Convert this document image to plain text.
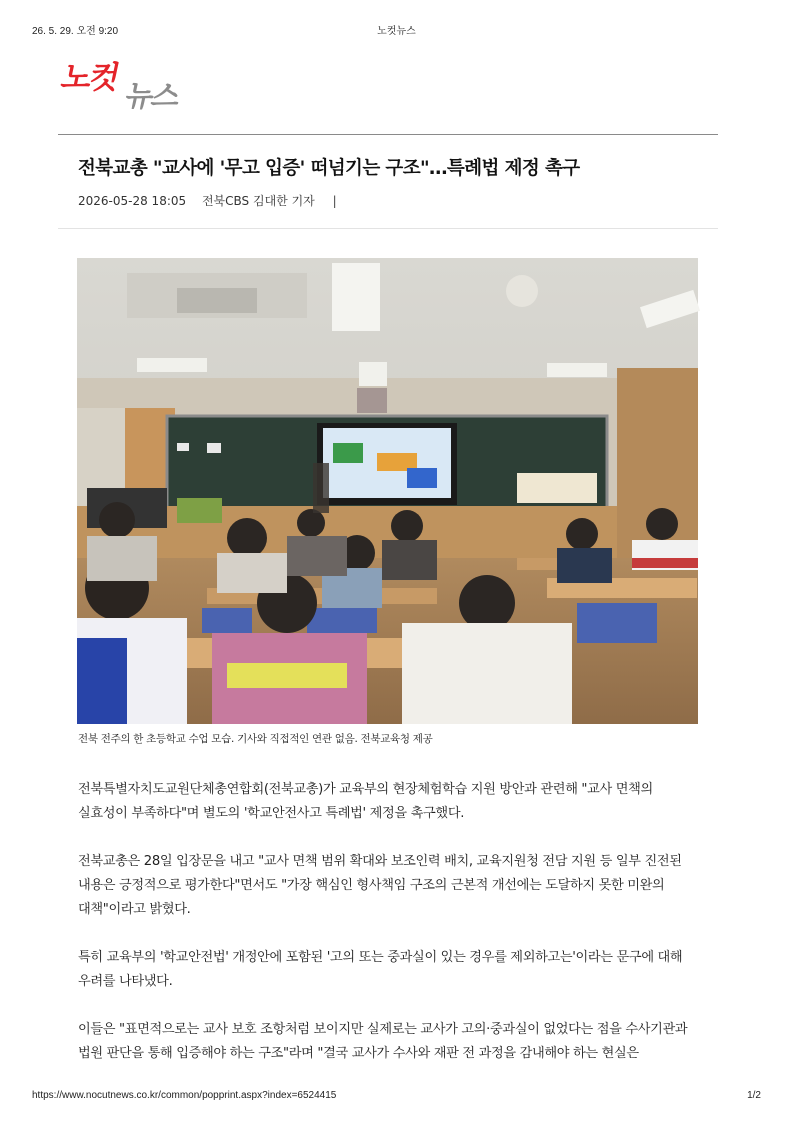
26. 5. 29. 오전 9:20	노컷뉴스
노컷
뉴스
전북교총 "교사에 '무고 입증' 떠넘기는 구조"…특례법 제정 촉구
2026-05-28 18:05 전북CBS 김대한 기자 |
전북 전주의 한 초등학교 수업 모습. 기사와 직접적인 연관 없음. 전북교육청 제공

전북특별자치도교원단체총연합회(전북교총)가 교육부의 현장체험학습 지원 방안과 관련해 "교사 면책의 실효성이 부족하다"며 별도의 '학교안전사고 특례법' 제정을 촉구했다.

전북교총은 28일 입장문을 내고 "교사 면책 범위 확대와 보조인력 배치, 교육지원청 전담 지원 등 일부 진전된 내용은 긍정적으로 평가한다"면서도 "가장 핵심인 형사책임 구조의 근본적 개선에는 도달하지 못한 미완의 대책"이라고 밝혔다.

특히 교육부의 '학교안전법' 개정안에 포함된 '고의 또는 중과실이 있는 경우를 제외하고는'이라는 문구에 대해 우려를 나타냈다.

이들은 "표면적으로는 교사 보호 조항처럼 보이지만 실제로는 교사가 고의·중과실이 없었다는 점을 수사기관과 법원 판단을 통해 입증해야 하는 구조"라며 "결국 교사가 수사와 재판 전 과정을 감내해야 하는 현실은

https://www.nocutnews.co.kr/common/popprint.aspx?index=6524415	1/2
